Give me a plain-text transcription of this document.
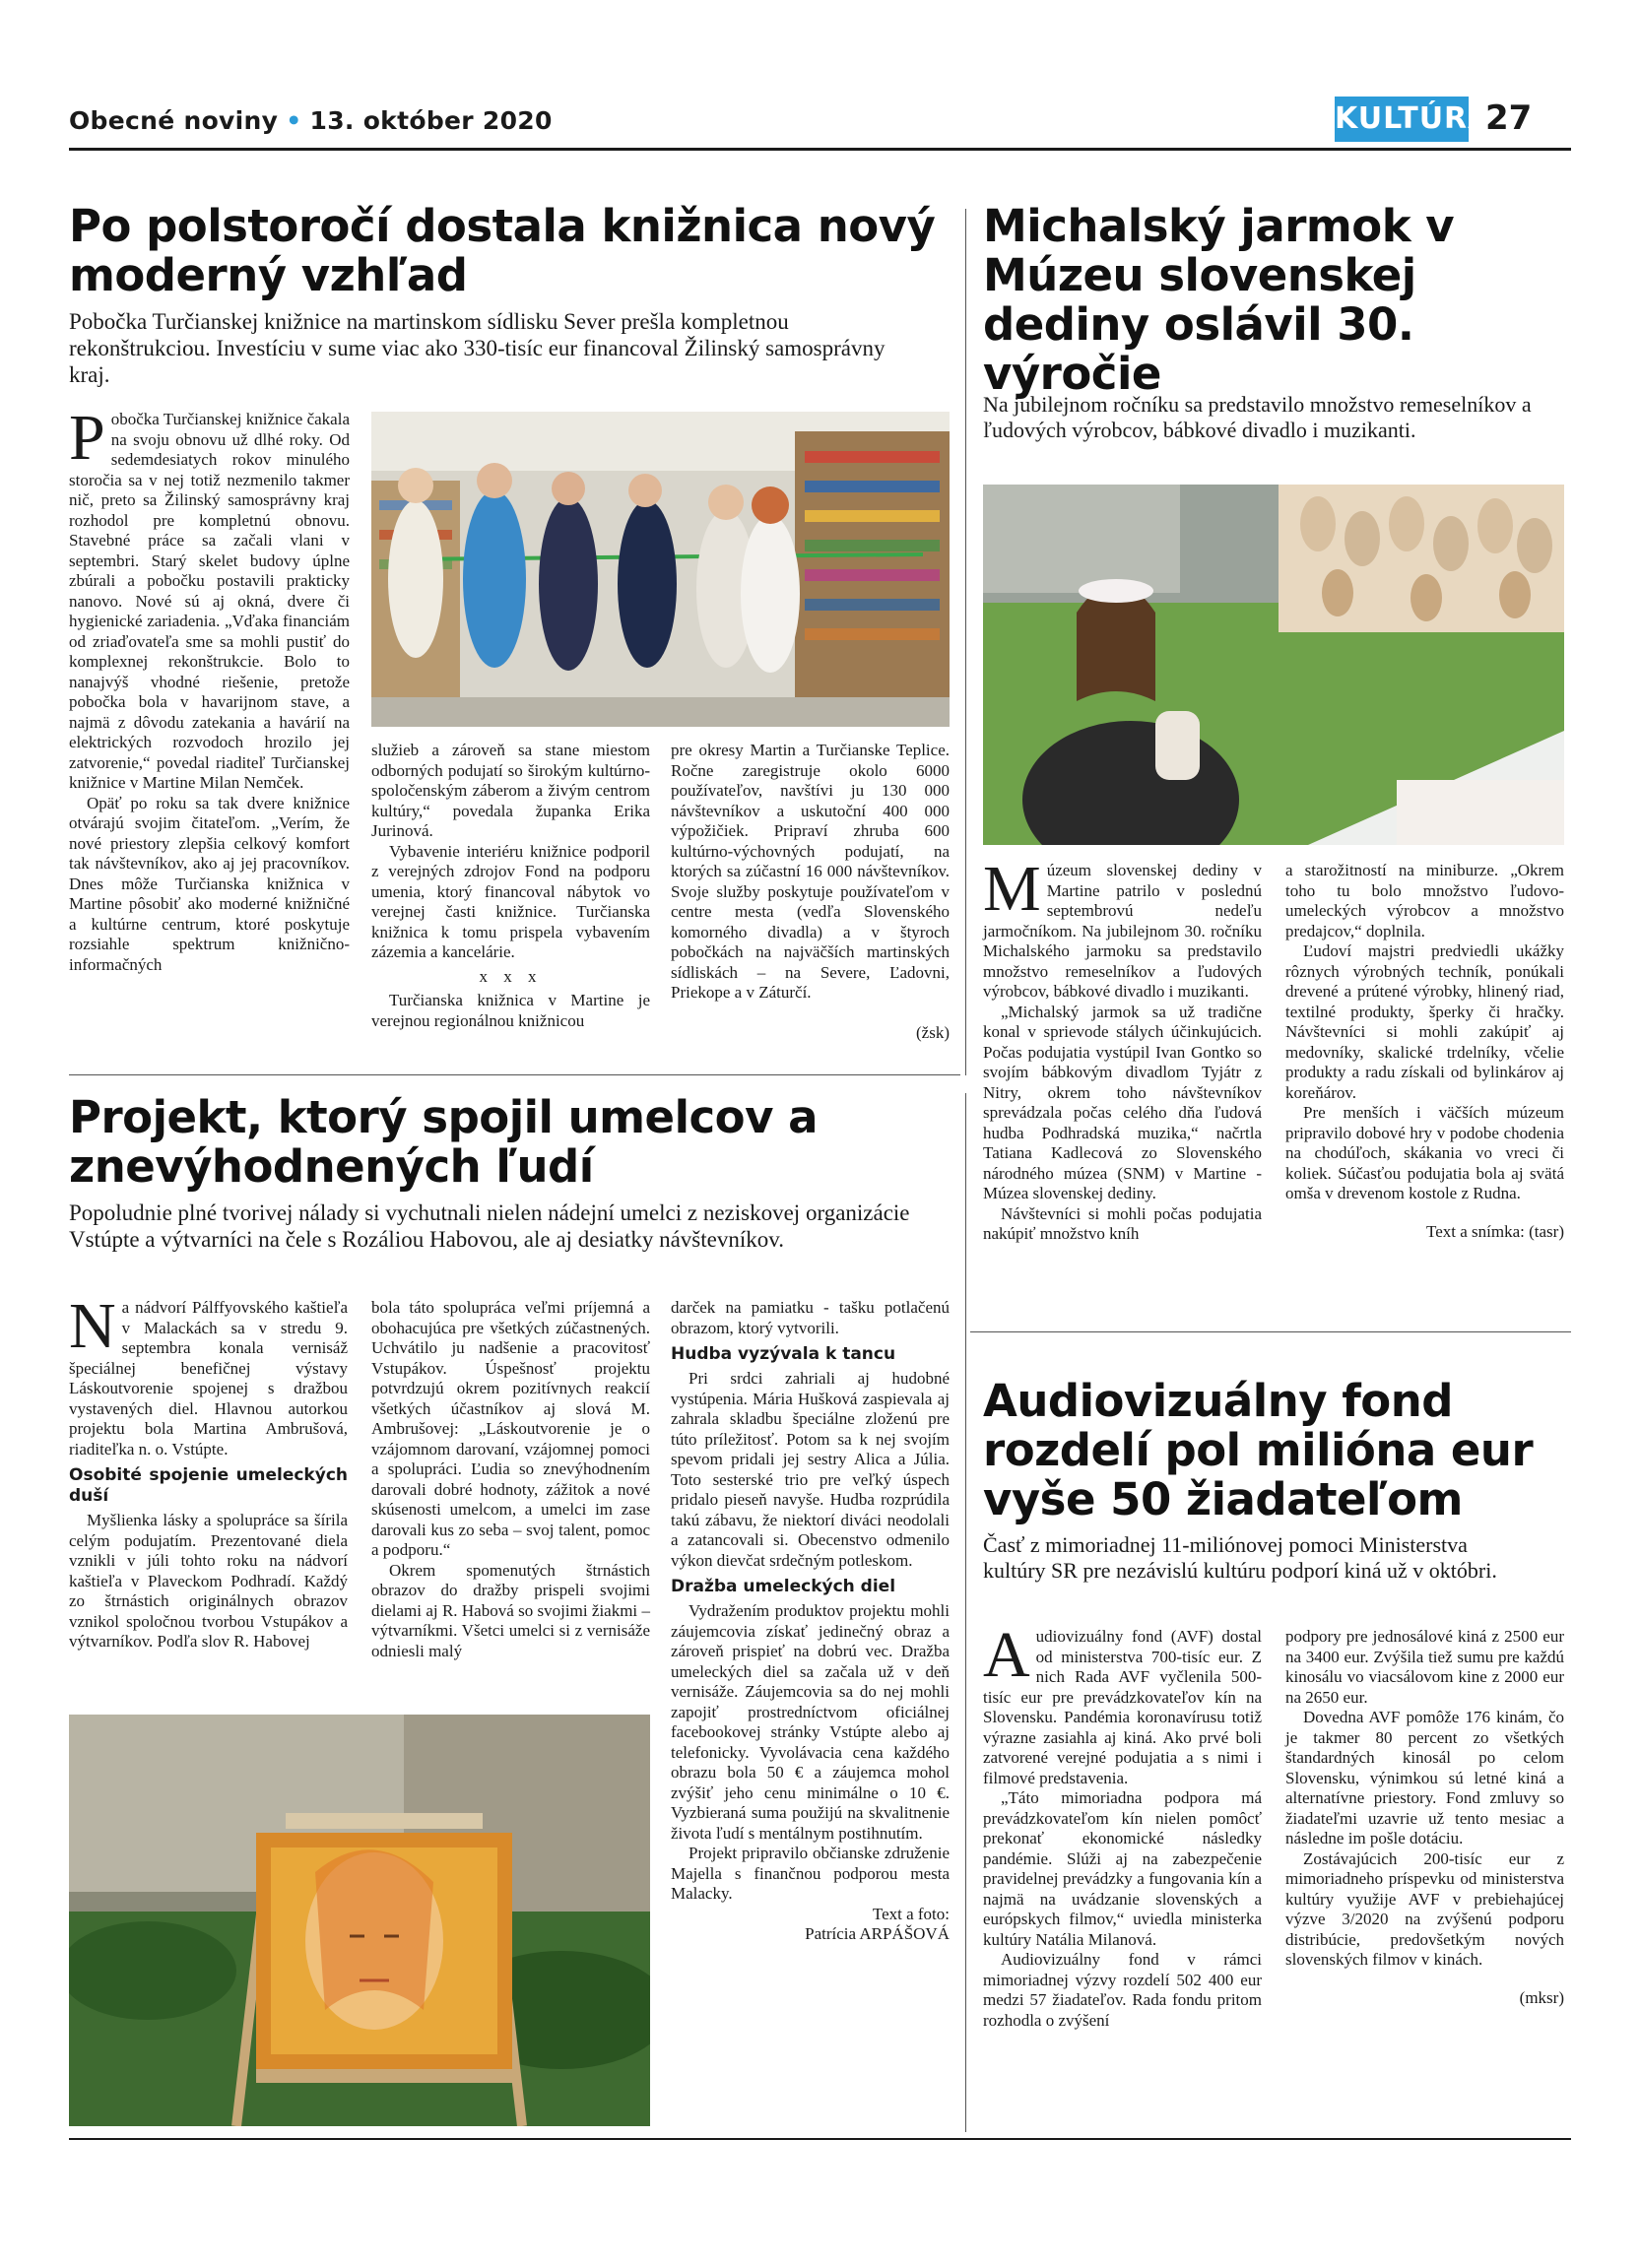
Obecné noviny • 13. október 2020	KULTÚRA
27
Po polstoročí dostala knižnica nový moderný vzhľad
Pobočka Turčianskej knižnice na martinskom sídlisku Sever prešla kompletnou rekonštrukciou. Investíciu v sume viac ako 330-tisíc eur financoval Žilinský samosprávny kraj.
P obočka Turčianskej knižnice čakala na svoju obnovu už dlhé roky. Od sedemdesiatych rokov minulého storočia sa v nej totiž nezmenilo takmer nič, preto sa Žilinský samosprávny kraj rozhodol pre kompletnú obnovu. Stavebné práce sa začali vlani v septembri. Starý skelet budovy úplne zbúrali a pobočku postavili prakticky nanovo. Nové sú aj okná, dvere či hygienické zariadenia. „Vďaka financiám od zriaďovateľa sme sa mohli pustiť do komplexnej rekonštrukcie. Bolo to nanajvýš vhodné riešenie, pretože pobočka bola v havarijnom stave, a najmä z dôvodu zatekania a havárií na elektrických rozvodoch hrozilo jej zatvorenie,“ povedal riaditeľ Turčianskej knižnice v Martine Milan Nemček.

Opäť po roku sa tak dvere knižnice otvárajú svojim čitateľom. „Verím, že nové priestory zlepšia celkový komfort tak návštevníkov, ako aj jej pracovníkov. Dnes môže Turčianska knižnica v Martine pôsobiť ako moderné knižničné a kultúrne centrum, ktoré poskytuje rozsiahle spektrum knižnično-informačných

služieb a zároveň sa stane miestom odborných podujatí so širokým kultúrno-spoločenským záberom a živým centrom kultúry,“ povedala županka Erika Jurinová.

Vybavenie interiéru knižnice podporil z verejných zdrojov Fond na podporu umenia, ktorý financoval nábytok vo verejnej časti knižnice. Turčianska knižnica k tomu prispela vybavením zázemia a kancelárie.

x x x

Turčianska knižnica v Martine je verejnou regionálnou knižnicou

pre okresy Martin a Turčianske Teplice. Ročne zaregistruje okolo 6000 používateľov, navštívi ju 130 000 návštevníkov a uskutoční 400 000 výpožičiek. Pripraví zhruba 600 kultúrno-výchovných podujatí, na ktorých sa zúčastní 16 000 návštevníkov. Svoje služby poskytuje používateľom v centre mesta (vedľa Slovenského komorného divadla) a v štyroch pobočkách na najväčších martinských sídliskách – na Severe, Ľadovni, Priekope a v Záturčí.

(žsk)

Michalský jarmok v Múzeu slovenskej dediny oslávil 30. výročie
Na jubilejnom ročníku sa predstavilo množstvo remeselníkov a ľudových výrobcov, bábkové divadlo i muzikanti.
M úzeum slovenskej dediny v Martine patrilo v poslednú septembrovú nedeľu jarmočníkom. Na jubilejnom 30. ročníku Michalského jarmoku sa predstavilo množstvo remeselníkov a ľudových výrobcov, bábkové divadlo i muzikanti.

„Michalský jarmok sa už tradične konal v sprievode stálych účinkujúcich. Počas podujatia vystúpil Ivan Gontko so svojím bábkovým divadlom Tyjátr z Nitry, okrem toho návštevníkov sprevádzala počas celého dňa ľudová hudba Podhradská muzika,“ načrtla Tatiana Kadlecová zo Slovenského národného múzea (SNM) v Martine - Múzea slovenskej dediny.

Návštevníci si mohli počas podujatia nakúpiť množstvo kníh

a starožitností na miniburze. „Okrem toho tu bolo množstvo ľudovo-umeleckých výrobcov a množstvo predajcov,“ doplnila.

Ľudoví majstri predviedli ukážky rôznych výrobných techník, ponúkali drevené a prútené výrobky, hlinený riad, textilné produkty, šperky či hračky. Návštevníci si mohli zakúpiť aj medovníky, skalické trdelníky, včelie produkty a radu získali od bylinkárov aj koreňárov.

Pre menších i väčších múzeum pripravilo dobové hry v podobe chodenia na chodúľoch, skákania vo vreci či koliek. Súčasťou podujatia bola aj svätá omša v drevenom kostole z Rudna.

Text a snímka: (tasr)

Projekt, ktorý spojil umelcov a znevýhodnených ľudí
Popoludnie plné tvorivej nálady si vychutnali nielen nádejní umelci z neziskovej organizácie Vstúpte a výtvarníci na čele s Rozáliou Habovou, ale aj desiatky návštevníkov.
N a nádvorí Pálffyovského kaštieľa v Malackách sa v stredu 9. septembra konala vernisáž špeciálnej benefičnej výstavy Láskoutvorenie spojenej s dražbou vystavených diel. Hlavnou autorkou projektu bola Martina Ambrušová, riaditeľka n. o. Vstúpte.

Osobité spojenie umeleckých duší

Myšlienka lásky a spolupráce sa šírila celým podujatím. Prezentované diela vznikli v júli tohto roku na nádvorí kaštieľa v Plaveckom Podhradí. Každý zo štrnástich originálnych obrazov vznikol spoločnou tvorbou Vstupákov a výtvarníkov. Podľa slov R. Habovej

bola táto spolupráca veľmi príjemná a obohacujúca pre všetkých zúčastnených. Uchvátilo ju nadšenie a pracovitosť Vstupákov. Úspešnosť projektu potvrdzujú okrem pozitívnych reakcií všetkých účastníkov aj slová M. Ambrušovej: „Láskoutvorenie je o vzájomnom darovaní, vzájomnej pomoci a spolupráci. Ľudia so znevýhodnením darovali dobré hodnoty, zážitok a nové skúsenosti umelcom, a umelci im zase darovali kus zo seba – svoj talent, pomoc a podporu.“

Okrem spomenutých štrnástich obrazov do dražby prispeli svojimi dielami aj R. Habová so svojimi žiakmi – výtvarníkmi. Všetci umelci si z vernisáže odniesli malý

darček na pamiatku - tašku potlačenú obrazom, ktorý vytvorili.

Hudba vyzývala k tancu

Pri srdci zahriali aj hudobné vystúpenia. Mária Hušková zaspievala aj zahrala skladbu špeciálne zloženú pre túto príležitosť. Potom sa k nej svojím spevom pridali jej sestry Alica a Júlia. Toto sesterské trio pre veľký úspech pridalo pieseň navyše. Hudba rozprúdila takú zábavu, že niektorí diváci neodolali a zatancovali si. Obecenstvo odmenilo výkon dievčat srdečným potleskom.

Dražba umeleckých diel

Vydražením produktov projektu mohli záujemcovia získať jedinečný obraz a zároveň prispieť na dobrú vec. Dražba umeleckých diel sa začala už v deň vernisáže. Záujemcovia sa do nej mohli zapojiť prostredníctvom oficiálnej facebookovej stránky Vstúpte alebo aj telefonicky. Vyvolávacia cena každého obrazu bola 50 € a záujemca mohol zvýšiť jeho cenu minimálne o 10 €. Vyzbieraná suma použijú na skvalitnenie života ľudí s mentálnym postihnutím.

Projekt pripravilo občianske združenie Majella s finančnou podporou mesta Malacky.

Text a foto:

Patrícia ARPÁŠOVÁ

Audiovizuálny fond rozdelí pol milióna eur vyše 50 žiadateľom
Časť z mimoriadnej 11-miliónovej pomoci Ministerstva kultúry SR pre nezávislú kultúru podporí kiná už v októbri.
A udiovizuálny fond (AVF) dostal od ministerstva 700-tisíc eur. Z nich Rada AVF vyčlenila 500-tisíc eur pre prevádzkovateľov kín na Slovensku. Pandémia koronavírusu totiž výrazne zasiahla aj kiná. Ako prvé boli zatvorené verejné podujatia a s nimi i filmové predstavenia.

„Táto mimoriadna podpora má prevádzkovateľom kín nielen pomôcť prekonať ekonomické následky pandémie. Slúži aj na zabezpečenie pravidelnej prevádzky a fungovania kín a najmä na uvádzanie slovenských a európskych filmov,“ uviedla ministerka kultúry Natália Milanová.

Audiovizuálny fond v rámci mimoriadnej výzvy rozdelí 502 400 eur medzi 57 žiadateľov. Rada fondu pritom rozhodla o zvýšení

podpory pre jednosálové kiná z 2500 eur na 3400 eur. Zvýšila tiež sumu pre každú kinosálu vo viacsálovom kine z 2000 eur na 2650 eur.

Dovedna AVF pomôže 176 kinám, čo je takmer 80 percent zo všetkých štandardných kinosál po celom Slovensku, výnimkou sú letné kiná a alternatívne priestory. Fond zmluvy so žiadateľmi uzavrie už tento mesiac a následne im pošle dotáciu.

Zostávajúcich 200-tisíc eur z mimoriadneho príspevku od ministerstva kultúry využije AVF v prebiehajúcej výzve 3/2020 na zvýšenú podporu distribúcie, predovšetkým nových slovenských filmov v kinách.

(mksr)
